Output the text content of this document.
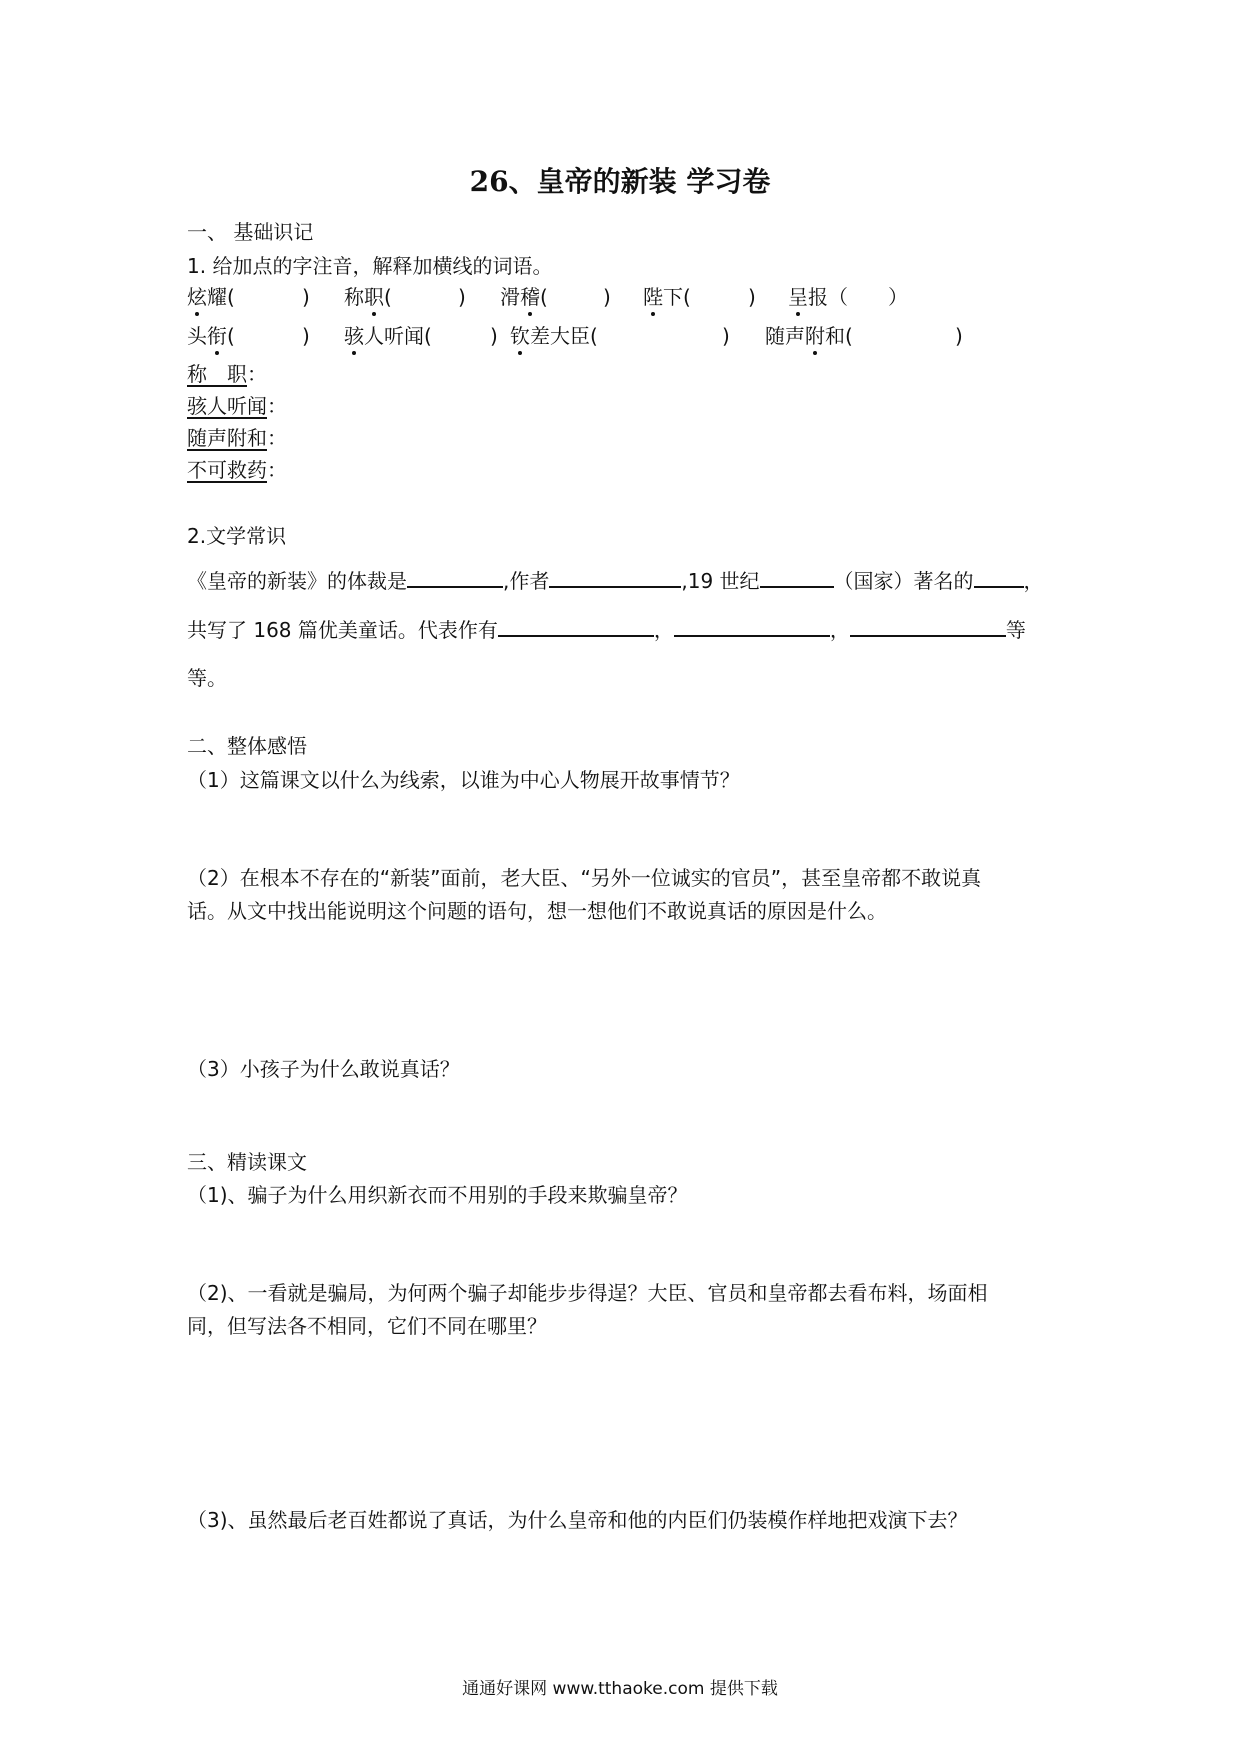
26、皇帝的新装 学习卷
一、 基础识记
1. 给加点的字注音，解释加横线的词语。
炫耀(	) 称职(	) 滑稽(	) 陛下(	) 呈报（ ）
头衔(	) 骇人听闻(	) 钦差大臣(	) 随声附和(	)
称　职：
骇人听闻：
随声附和：
不可救药：
2.文学常识
《皇帝的新装》的体裁是	,作者	,19 世纪	（国家）著名的	，
共写了 168 篇优美童话。代表作有	，	，	等
等。
二、整体感悟
（1）这篇课文以什么为线索，以谁为中心人物展开故事情节？
（2）在根本不存在的“新装”面前，老大臣、“另外一位诚实的官员”，甚至皇帝都不敢说真
话。从文中找出能说明这个问题的语句，想一想他们不敢说真话的原因是什么。
（3）小孩子为什么敢说真话？
三、精读课文
（1)、骗子为什么用织新衣而不用别的手段来欺骗皇帝？
（2)、一看就是骗局，为何两个骗子却能步步得逞？大臣、官员和皇帝都去看布料，场面相
同，但写法各不相同，它们不同在哪里？
（3)、虽然最后老百姓都说了真话，为什么皇帝和他的内臣们仍装模作样地把戏演下去？
通通好课网 www.tthaoke.com 提供下载
